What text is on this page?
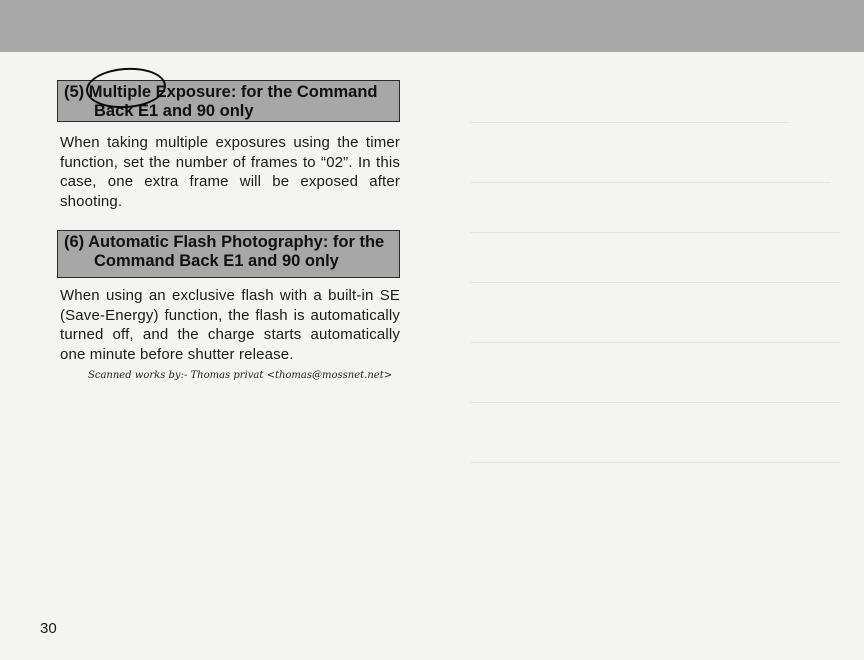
(5) Multiple Exposure: for the Command
Back E1 and 90 only

When taking multiple exposures using the timer function, set the number of frames to “02”. In this case, one extra frame will be exposed after shooting.

(6) Automatic Flash Photography: for the
Command Back E1 and 90 only

When using an exclusive flash with a built-in SE (Save-Energy) function, the flash is automatically turned off, and the charge starts automatically one minute before shutter release.

Scanned works by:- Thomas privat <thomas@mossnet.net>
30
